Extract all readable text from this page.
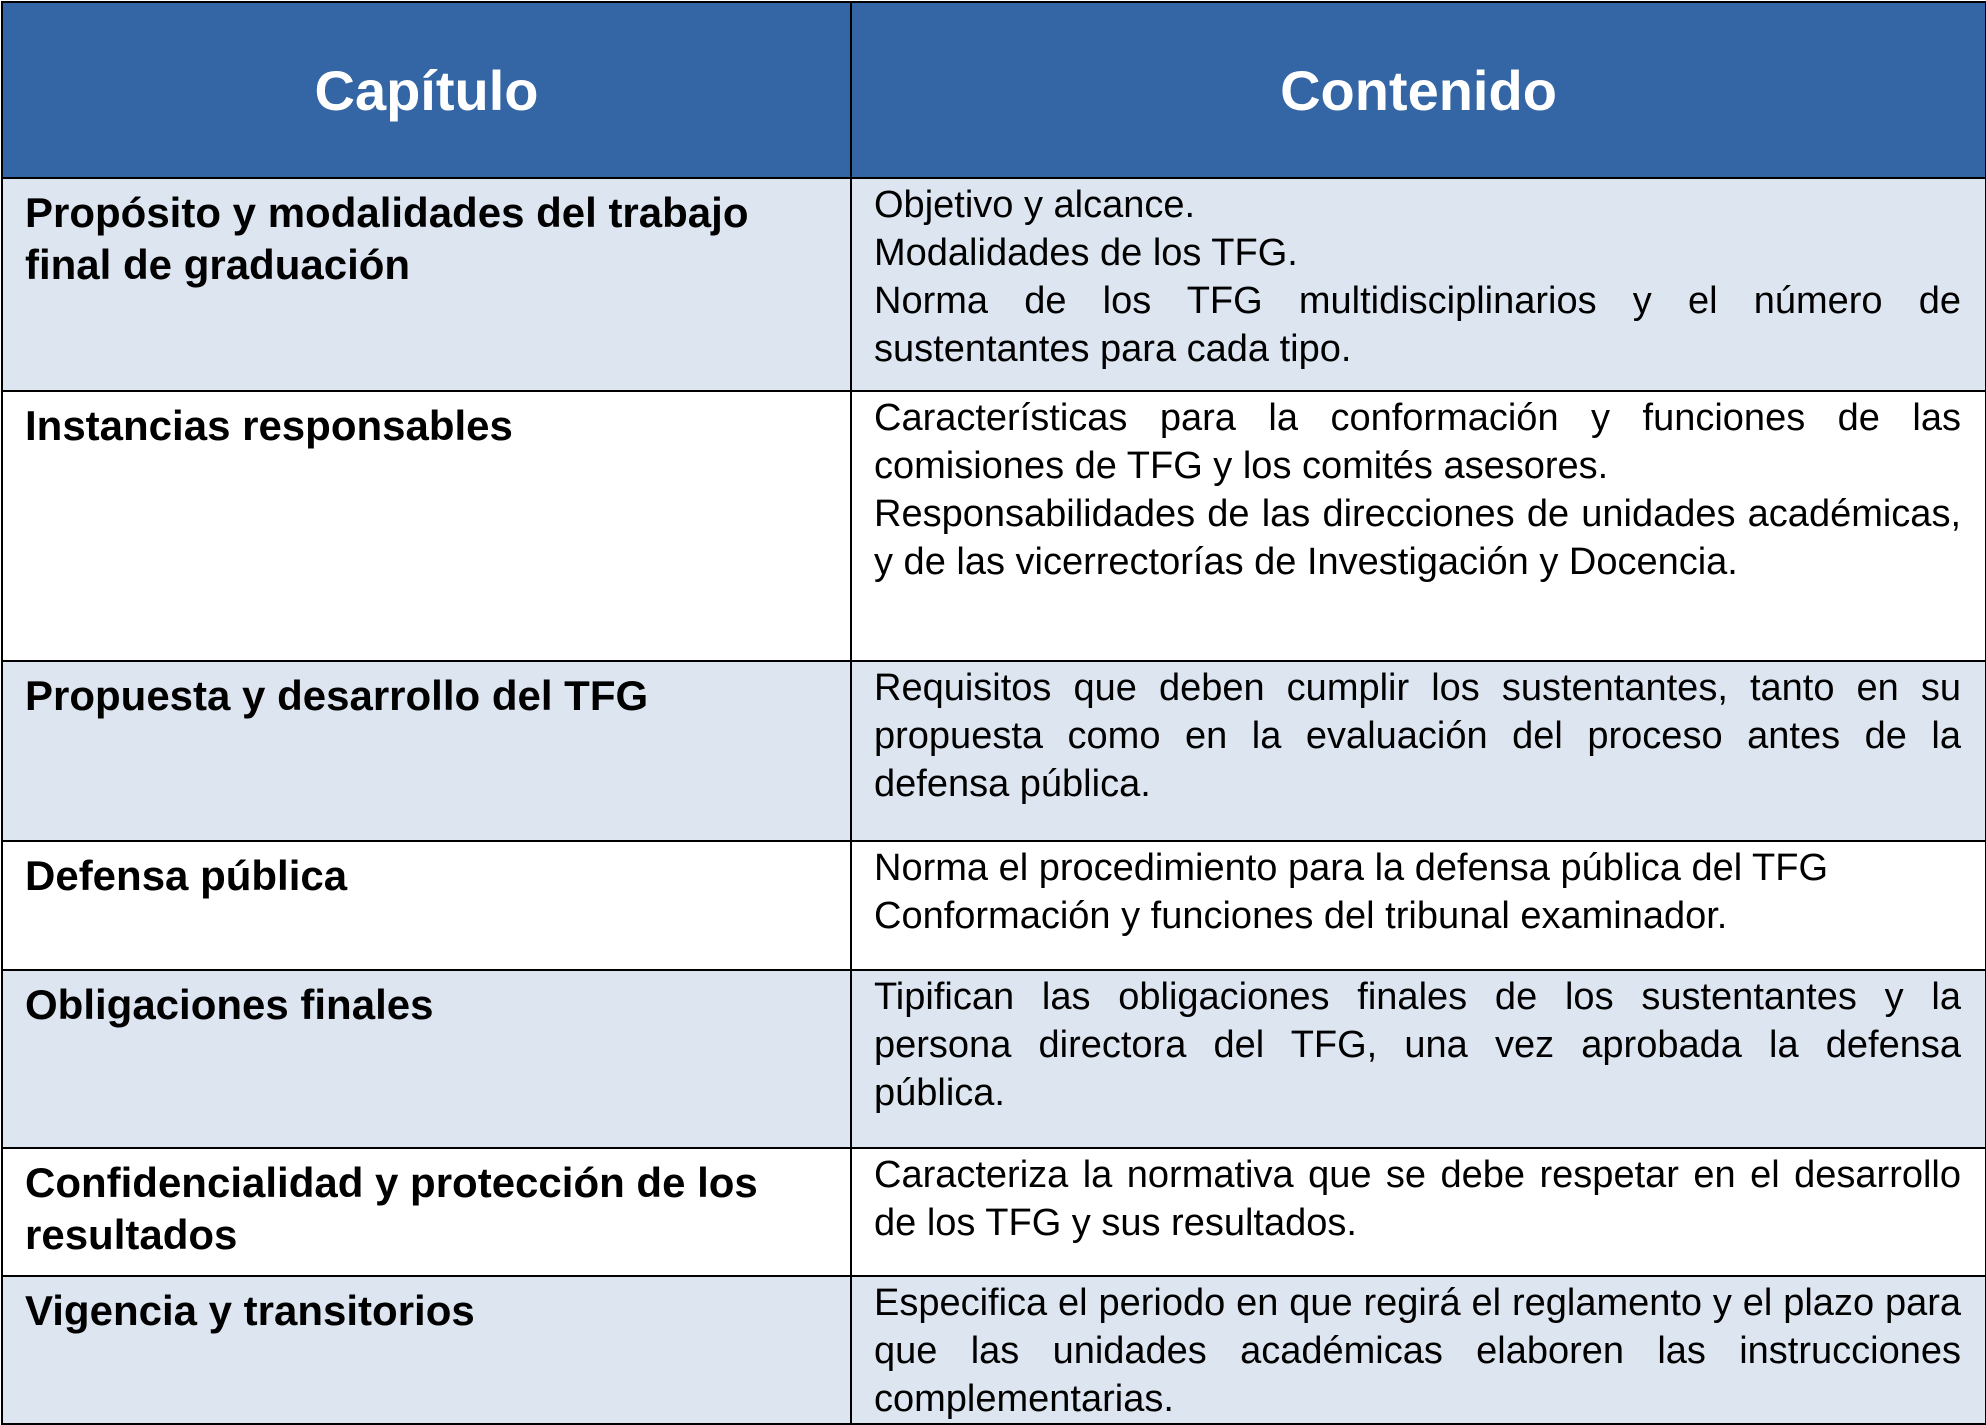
Capítulo	Contenido
Propósito y modalidades del trabajo final de graduación	Objetivo y alcance.

Modalidades de los TFG.

Norma de los TFG multidisciplinarios y el número de sustentantes para cada tipo.

Instancias responsables	Características para la conformación y funciones de las comisiones de TFG y los comités asesores.

Responsabilidades de las direcciones de unidades académicas, y de las vicerrectorías de Investigación y Docencia.

Propuesta y desarrollo del TFG	Requisitos que deben cumplir los sustentantes, tanto en su propuesta como en la evaluación del proceso antes de la defensa pública.

Defensa pública	Norma el procedimiento para la defensa pública del TFG

Conformación y funciones del tribunal examinador.

Obligaciones finales	Tipifican las obligaciones finales de los sustentantes y la persona directora del TFG, una vez aprobada la defensa pública.

Confidencialidad y protección de los resultados	Caracteriza la normativa que se debe respetar en el desarrollo de los TFG y sus resultados.

Vigencia y transitorios	Especifica el periodo en que regirá el reglamento y el plazo para que las unidades académicas elaboren las instrucciones complementarias.
